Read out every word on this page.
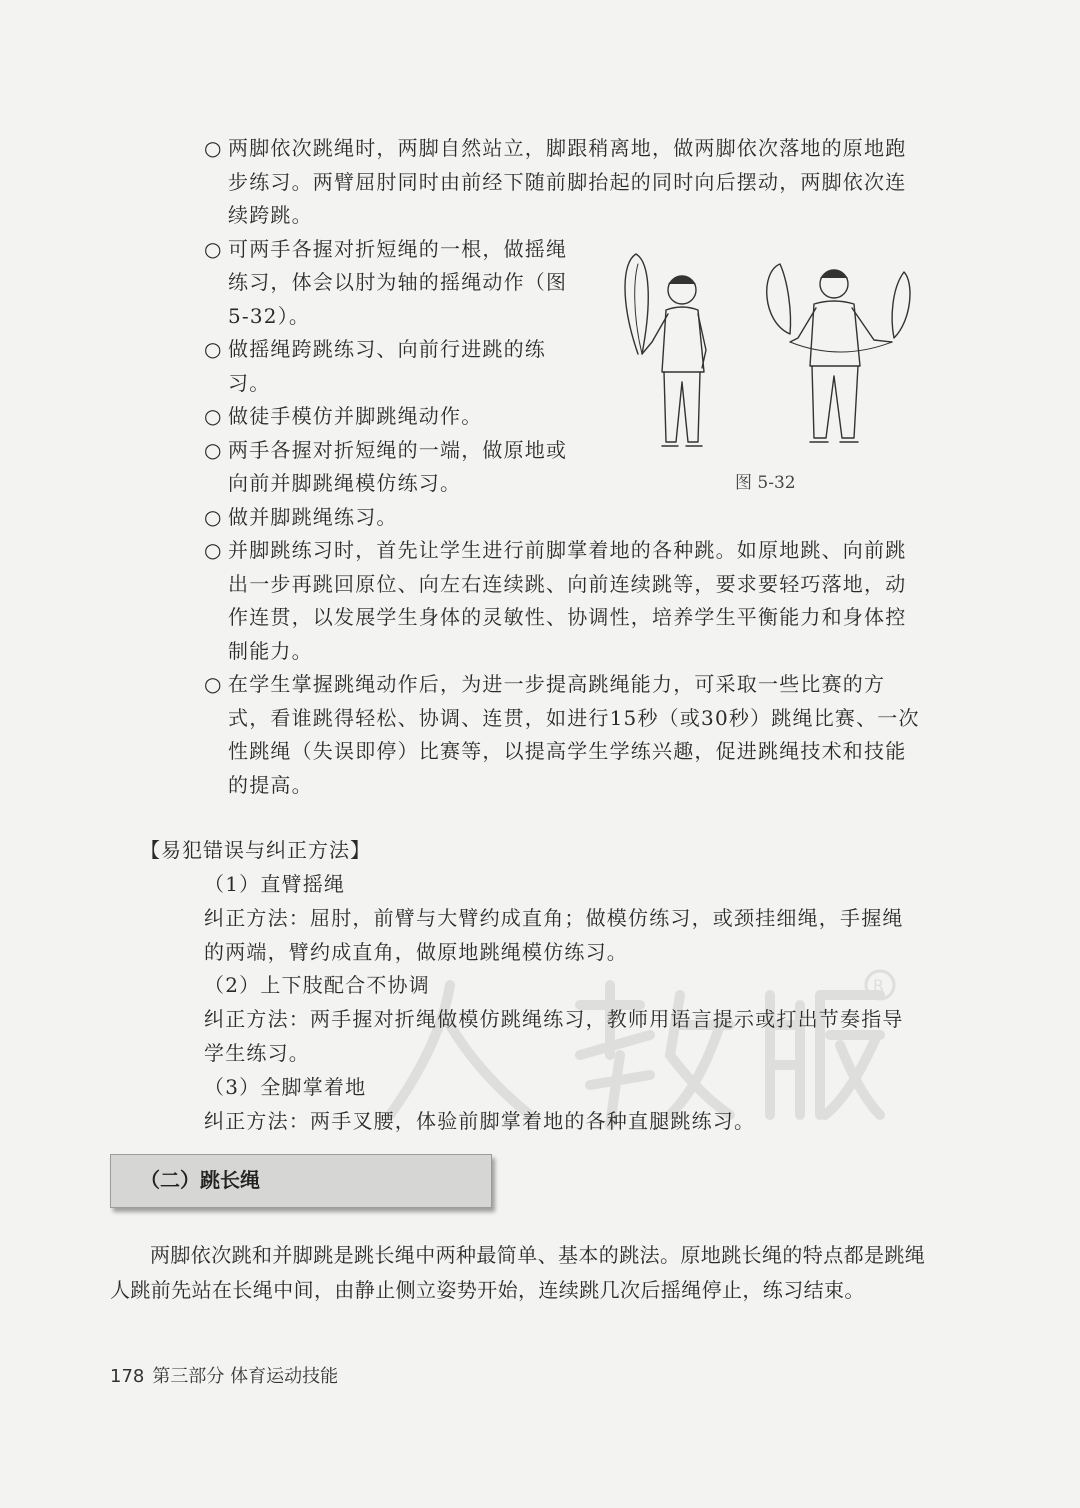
○ 两脚依次跳绳时，两脚自然站立，脚跟稍离地，做两脚依次落地的原地跑步练习。两臂屈肘同时由前经下随前脚抬起的同时向后摆动，两脚依次连续跨跳。

○ 可两手各握对折短绳的一根，做摇绳练习，体会以肘为轴的摇绳动作（图5-32）。

○ 做摇绳跨跳练习、向前行进跳的练习。

○ 做徒手模仿并脚跳绳动作。

○ 两手各握对折短绳的一端，做原地或向前并脚跳绳模仿练习。

○ 做并脚跳绳练习。

○ 并脚跳练习时，首先让学生进行前脚掌着地的各种跳。如原地跳、向前跳出一步再跳回原位、向左右连续跳、向前连续跳等，要求要轻巧落地，动作连贯，以发展学生身体的灵敏性、协调性，培养学生平衡能力和身体控制能力。

○ 在学生掌握跳绳动作后，为进一步提高跳绳能力，可采取一些比赛的方式，看谁跳得轻松、协调、连贯，如进行15秒（或30秒）跳绳比赛、一次性跳绳（失误即停）比赛等，以提高学生学练兴趣，促进跳绳技术和技能的提高。

图 5-32
【易犯错误与纠正方法】
R

（1）直臂摇绳

纠正方法：屈肘，前臂与大臂约成直角；做模仿练习，或颈挂细绳，手握绳的两端，臂约成直角，做原地跳绳模仿练习。

（2）上下肢配合不协调

纠正方法：两手握对折绳做模仿跳绳练习，教师用语言提示或打出节奏指导学生练习。

（3）全脚掌着地

纠正方法：两手叉腰，体验前脚掌着地的各种直腿跳练习。

（二）跳长绳

两脚依次跳和并脚跳是跳长绳中两种最简单、基本的跳法。原地跳长绳的特点都是跳绳人跳前先站在长绳中间，由静止侧立姿势开始，连续跳几次后摇绳停止，练习结束。

178 第三部分 体育运动技能
